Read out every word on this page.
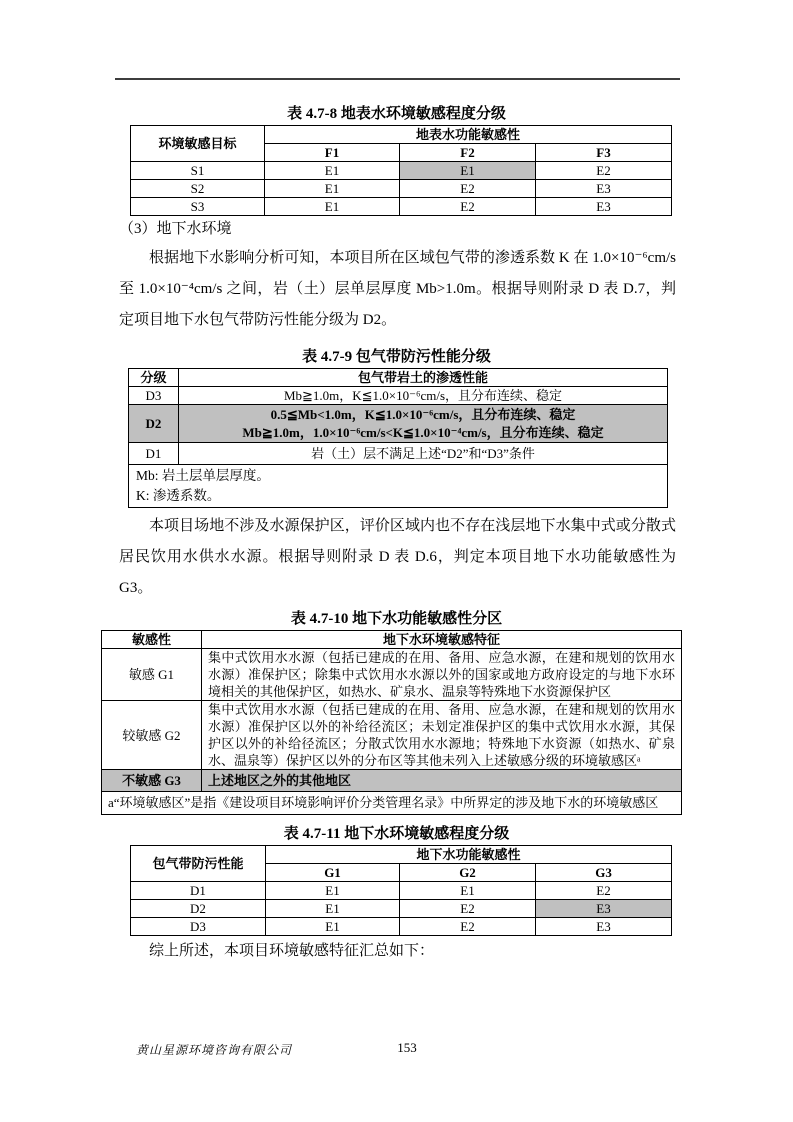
表 4.7-8 地表水环境敏感程度分级
环境敏感目标	地表水功能敏感性		
	F1	F2	F3
S1	E1	E1	E2
S2	E1	E2	E3
S3	E1	E2	E3
（3）地下水环境

根据地下水影响分析可知，本项目所在区域包气带的渗透系数 K 在 1.0×10⁻⁶cm/s 至 1.0×10⁻⁴cm/s 之间，岩（土）层单层厚度 Mb>1.0m。根据导则附录 D 表 D.7，判定项目地下水包气带防污性能分级为 D2。

表 4.7-9 包气带防污性能分级
分级	包气带岩土的渗透性能
D3	Mb≧1.0m，K≦1.0×10⁻⁶cm/s，且分布连续、稳定
D2	0.5≦Mb<1.0m，K≦1.0×10⁻⁶cm/s，且分布连续、稳定
Mb≧1.0m，1.0×10⁻⁶cm/s<K≦1.0×10⁻⁴cm/s，且分布连续、稳定

D1	岩（土）层不满足上述“D2”和“D3”条件

Mb: 岩土层单层厚度。
K: 渗透系数。	

本项目场地不涉及水源保护区，评价区域内也不存在浅层地下水集中式或分散式居民饮用水供水水源。根据导则附录 D 表 D.6，判定本项目地下水功能敏感性为 G3。

表 4.7-10 地下水功能敏感性分区
敏感性	地下水环境敏感特征
敏感 G1	集中式饮用水水源（包括已建成的在用、备用、应急水源，在建和规划的饮用水水源）准保护区；除集中式饮用水水源以外的国家或地方政府设定的与地下水环境相关的其他保护区，如热水、矿泉水、温泉等特殊地下水资源保护区
较敏感 G2	集中式饮用水水源（包括已建成的在用、备用、应急水源，在建和规划的饮用水水源）准保护区以外的补给径流区；未划定准保护区的集中式饮用水水源，其保护区以外的补给径流区；分散式饮用水水源地；特殊地下水资源（如热水、矿泉水、温泉等）保护区以外的分布区等其他未列入上述敏感分级的环境敏感区ᵃ
不敏感 G3	上述地区之外的其他地区
a“环境敏感区”是指《建设项目环境影响评价分类管理名录》中所界定的涉及地下水的环境敏感区	
表 4.7-11 地下水环境敏感程度分级
包气带防污性能	地下水功能敏感性		
	G1	G2	G3
D1	E1	E1	E2
D2	E1	E2	E3
D3	E1	E2	E3

综上所述，本项目环境敏感特征汇总如下：

黄山星源环境咨询有限公司	153
